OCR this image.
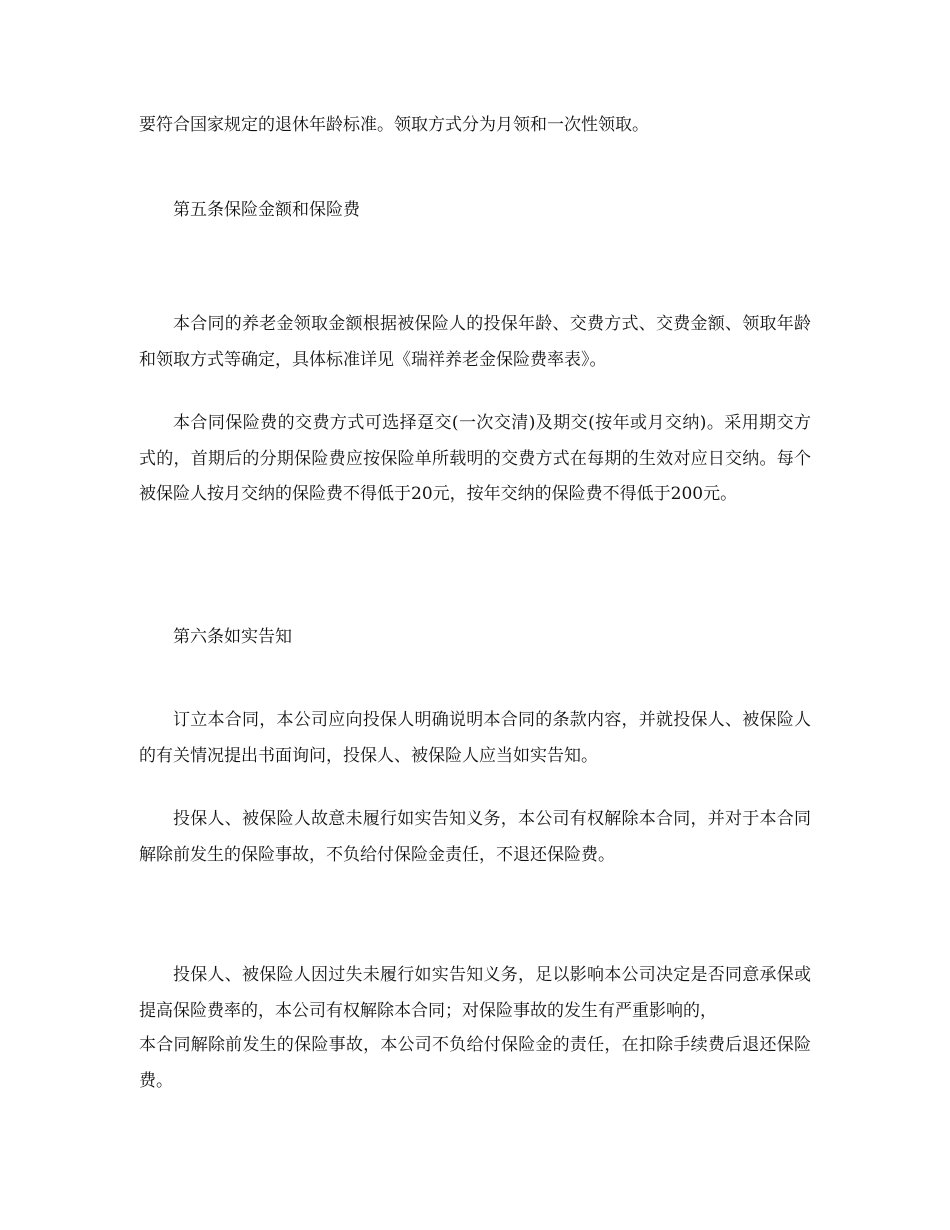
要符合国家规定的退休年龄标准。领取方式分为月领和一次性领取。

第五条保险金额和保险费

本合同的养老金领取金额根据被保险人的投保年龄、交费方式、交费金额、领取年龄和领取方式等确定，具体标准详见《瑞祥养老金保险费率表》。

本合同保险费的交费方式可选择趸交(一次交清)及期交(按年或月交纳)。采用期交方式的，首期后的分期保险费应按保险单所载明的交费方式在每期的生效对应日交纳。每个被保险人按月交纳的保险费不得低于20元，按年交纳的保险费不得低于200元。

第六条如实告知

订立本合同，本公司应向投保人明确说明本合同的条款内容，并就投保人、被保险人的有关情况提出书面询问，投保人、被保险人应当如实告知。

投保人、被保险人故意未履行如实告知义务，本公司有权解除本合同，并对于本合同解除前发生的保险事故，不负给付保险金责任，不退还保险费。

投保人、被保险人因过失未履行如实告知义务，足以影响本公司决定是否同意承保或提高保险费率的，本公司有权解除本合同；对保险事故的发生有严重影响的，

本合同解除前发生的保险事故，本公司不负给付保险金的责任，在扣除手续费后退还保险费。
